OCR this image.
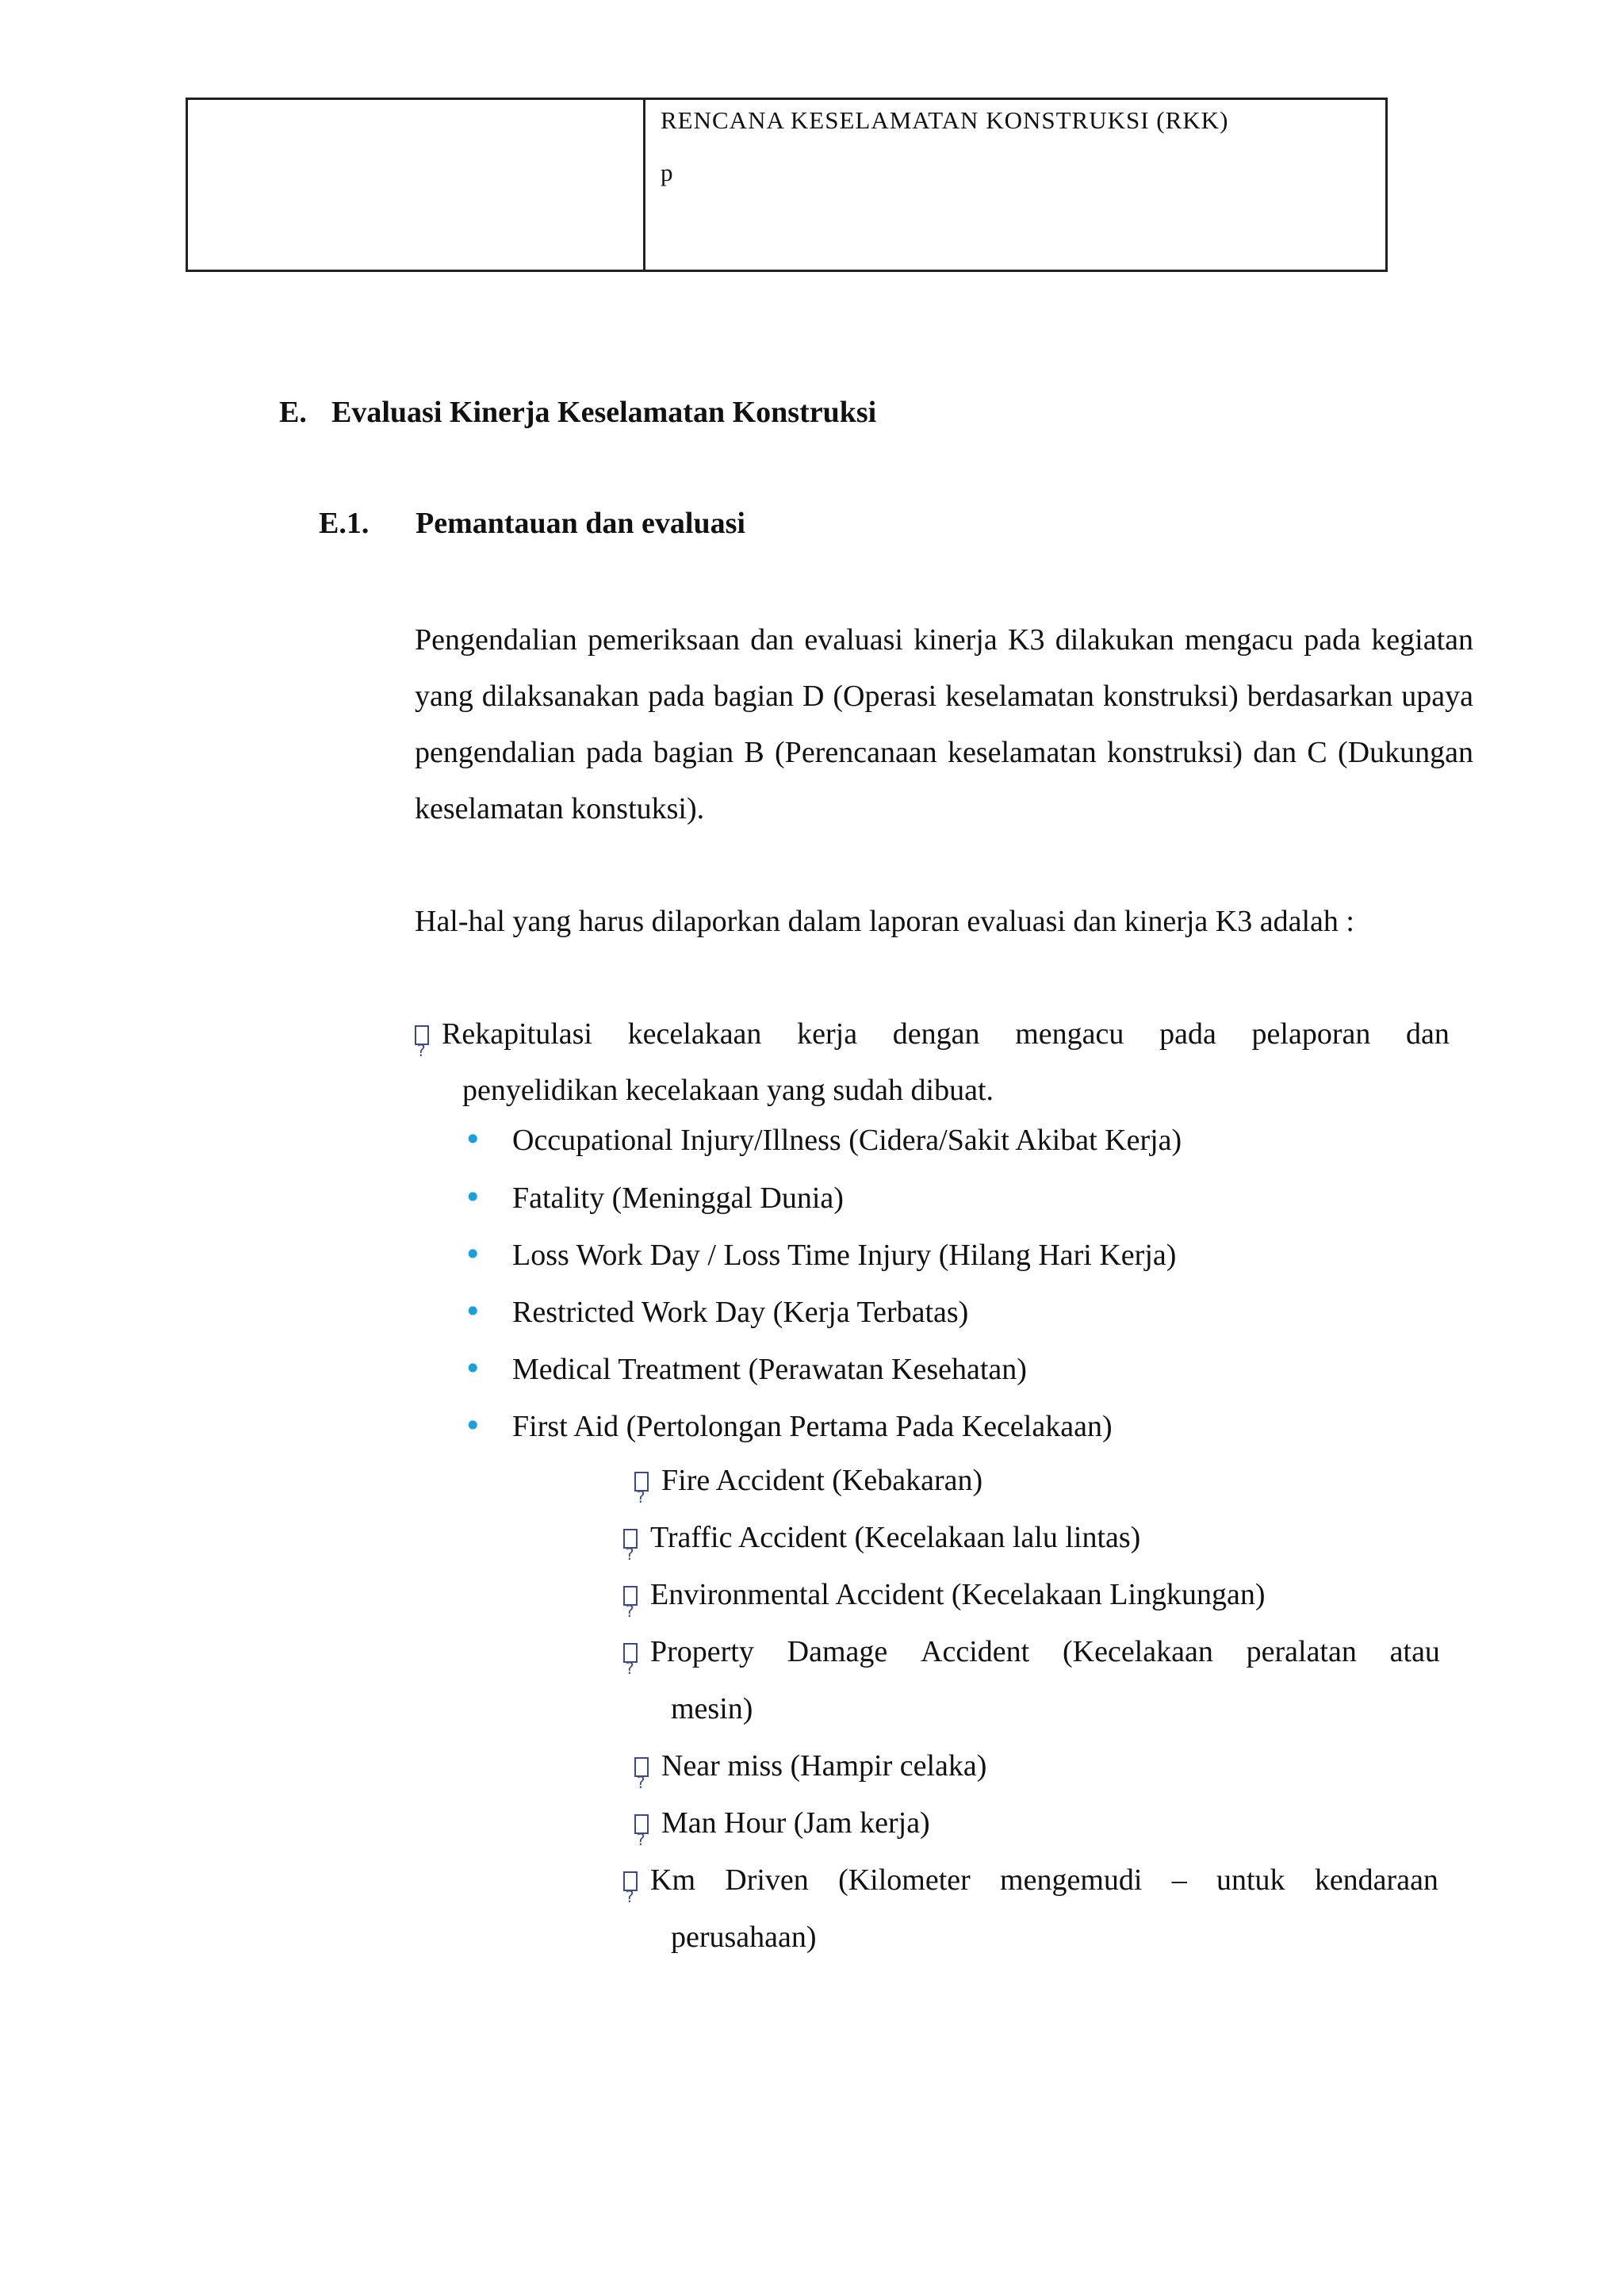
RENCANA KESELAMATAN KONSTRUKSI (RKK)
p
E. Evaluasi Kinerja Keselamatan Konstruksi
E.1. Pemantauan dan evaluasi
Pengendalian pemeriksaan dan evaluasi kinerja K3 dilakukan mengacu pada kegiatan yang dilaksanakan pada bagian D (Operasi keselamatan konstruksi) berdasarkan upaya pengendalian pada bagian B (Perencanaan keselamatan konstruksi) dan C (Dukungan keselamatan konstuksi).
Hal-hal yang harus dilaporkan dalam laporan evaluasi dan kinerja K3 adalah :
?Rekapitulasi kecelakaan kerja dengan mengacu pada pelaporan dan
penyelidikan kecelakaan yang sudah dibuat.
• Occupational Injury/Illness (Cidera/Sakit Akibat Kerja)
• Fatality (Meninggal Dunia)
• Loss Work Day / Loss Time Injury (Hilang Hari Kerja)
• Restricted Work Day (Kerja Terbatas)
• Medical Treatment (Perawatan Kesehatan)
• First Aid (Pertolongan Pertama Pada Kecelakaan)
?Fire Accident (Kebakaran)
?Traffic Accident (Kecelakaan lalu lintas)
?Environmental Accident (Kecelakaan Lingkungan)
?Property Damage Accident (Kecelakaan peralatan atau
mesin)
?Near miss (Hampir celaka)
?Man Hour (Jam kerja)
?Km Driven (Kilometer mengemudi – untuk kendaraan
perusahaan)
